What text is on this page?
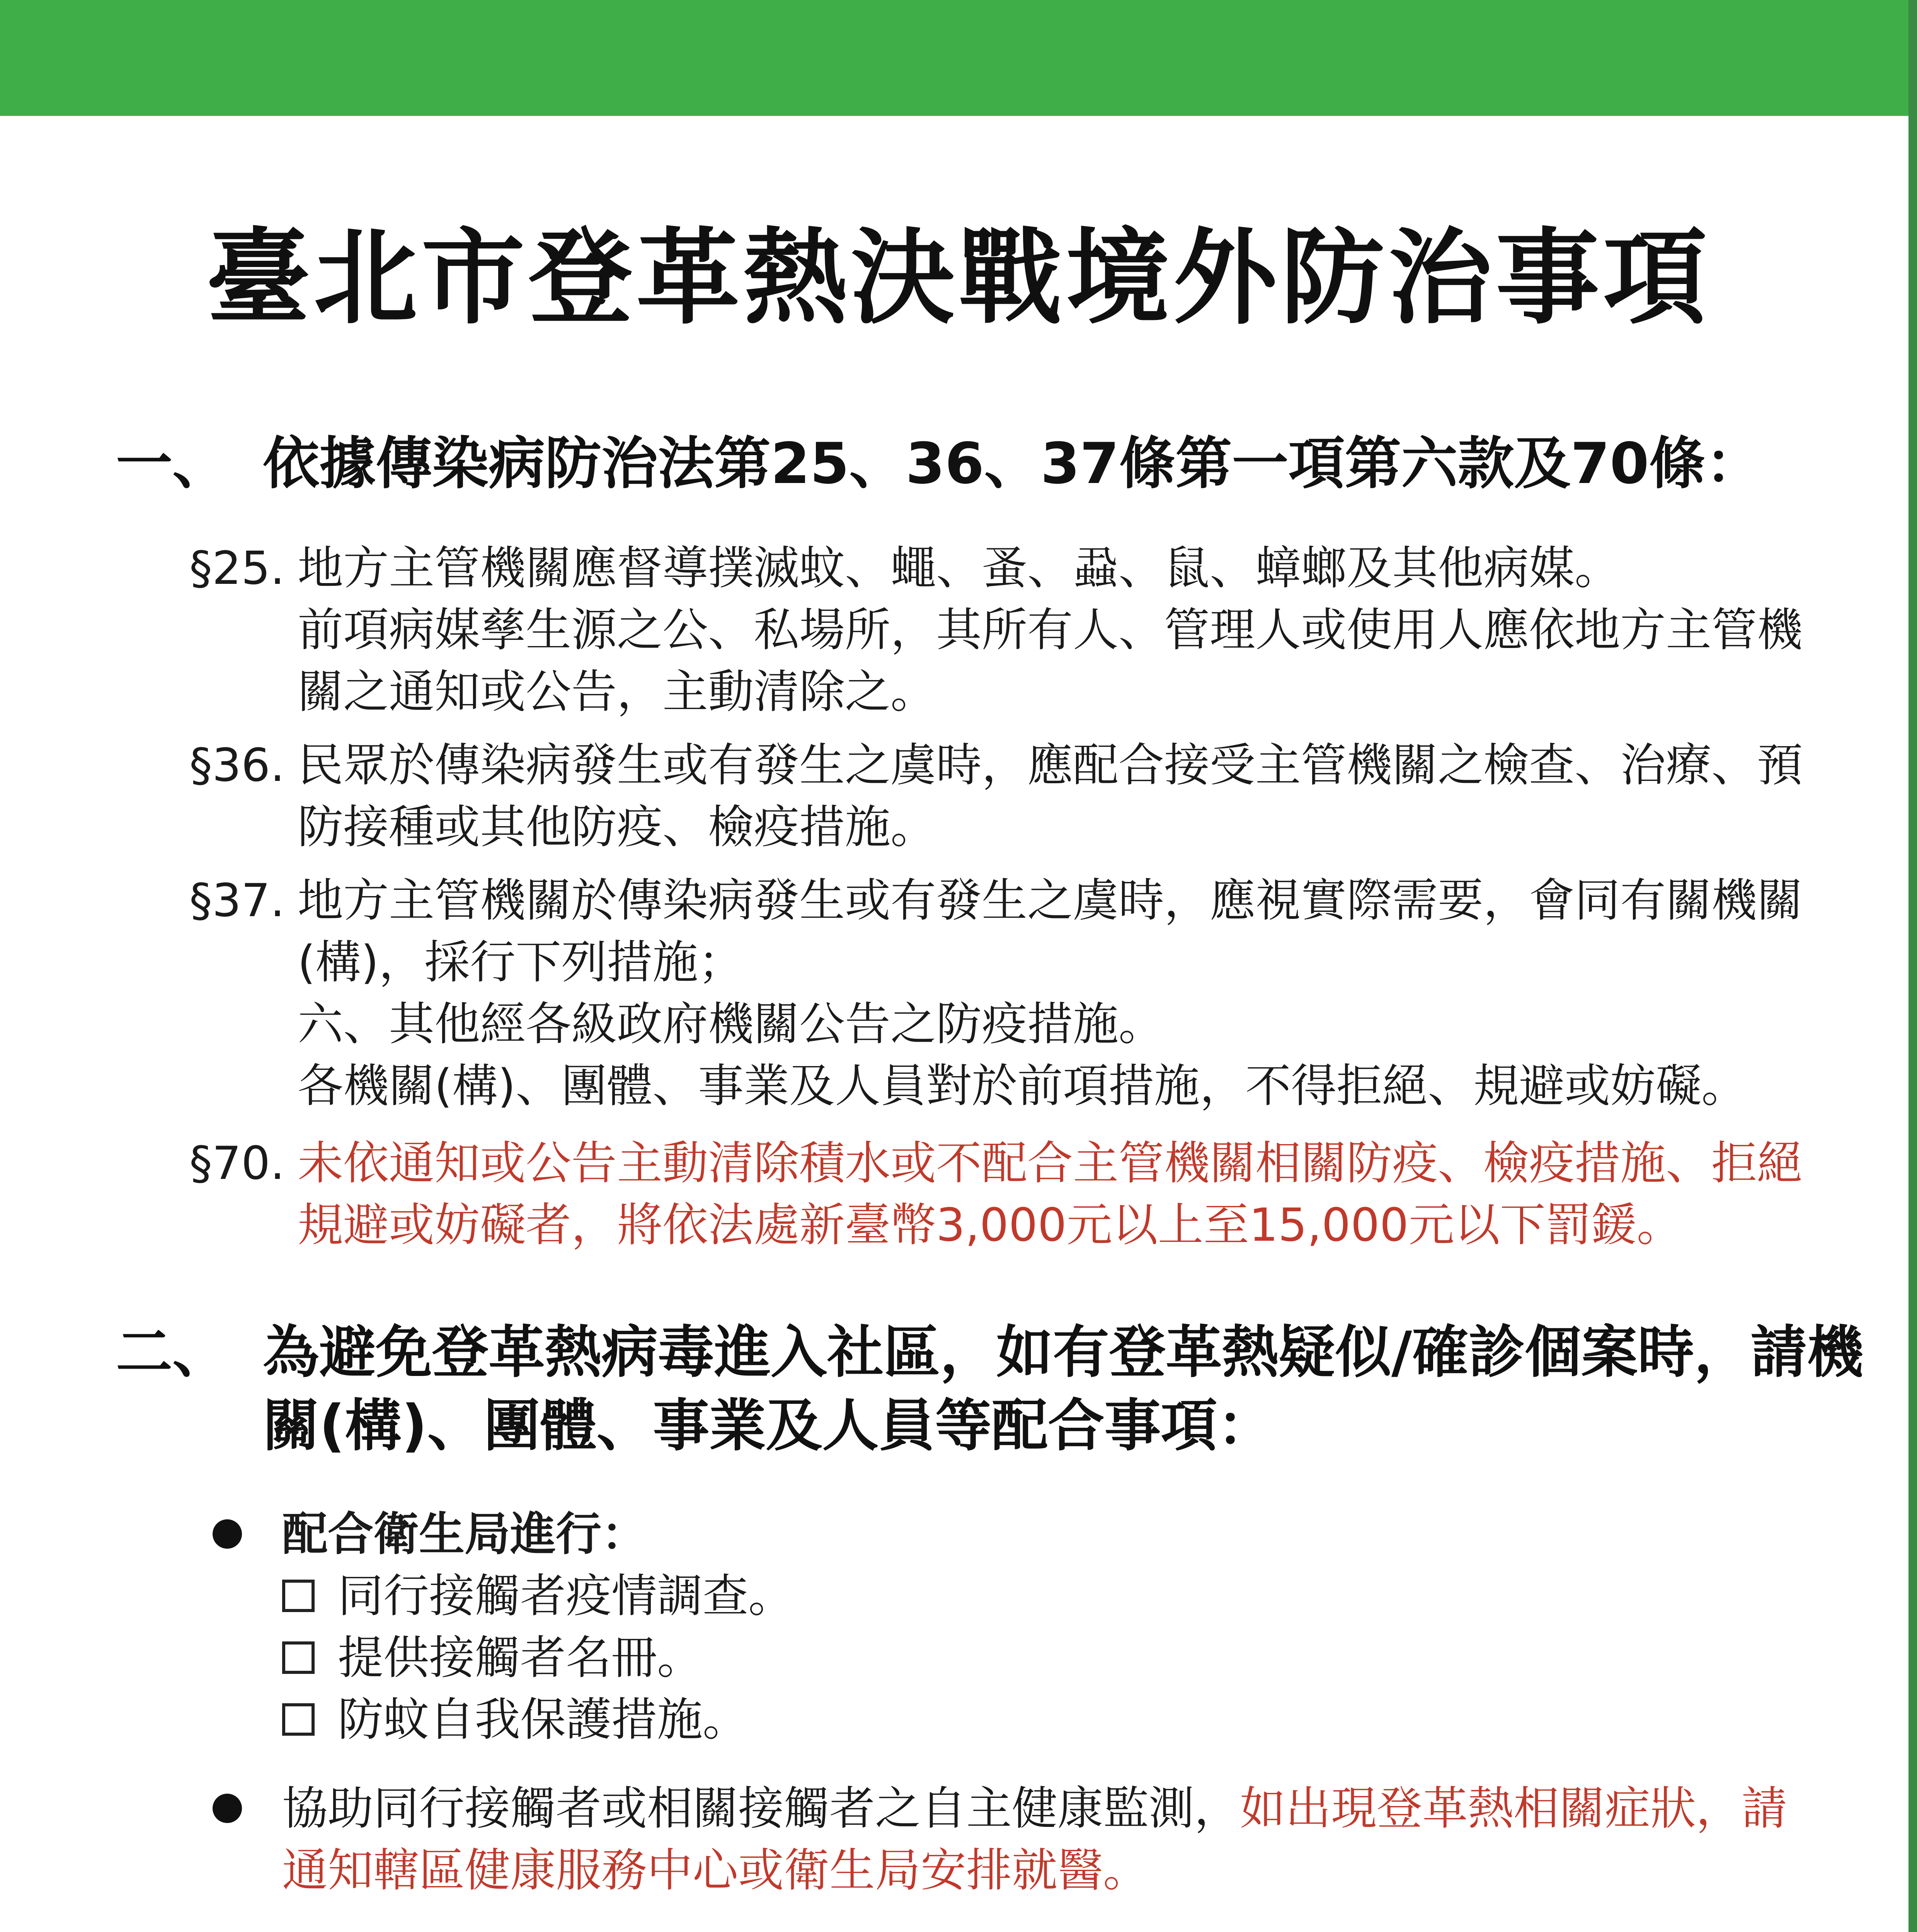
臺北市登革熱決戰境外防治事項
一、 依據傳染病防治法第25、36、37條第一項第六款及70條：
§25. 地方主管機關應督導撲滅蚊、蠅、蚤、蝨、鼠、蟑螂及其他病媒。

前項病媒孳生源之公、私場所，其所有人、管理人或使用人應依地方主管機關之通知或公告，主動清除之。

§36. 民眾於傳染病發生或有發生之虞時，應配合接受主管機關之檢查、治療、預防接種或其他防疫、檢疫措施。

§37. 地方主管機關於傳染病發生或有發生之虞時，應視實際需要，會同有關機關(構)，採行下列措施；

六、其他經各級政府機關公告之防疫措施。

各機關(構)、團體、事業及人員對於前項措施，不得拒絕、規避或妨礙。

§70. 未依通知或公告主動清除積水或不配合主管機關相關防疫、檢疫措施、拒絕規避或妨礙者，將依法處新臺幣3,000元以上至15,000元以下罰鍰。

二、 為避免登革熱病毒進入社區，如有登革熱疑似/確診個案時，請機關(構)、團體、事業及人員等配合事項：

配合衛生局進行：

同行接觸者疫情調查。

提供接觸者名冊。

防蚊自我保護措施。

協助同行接觸者或相關接觸者之自主健康監測，如出現登革熱相關症狀，請通知轄區健康服務中心或衛生局安排就醫。
